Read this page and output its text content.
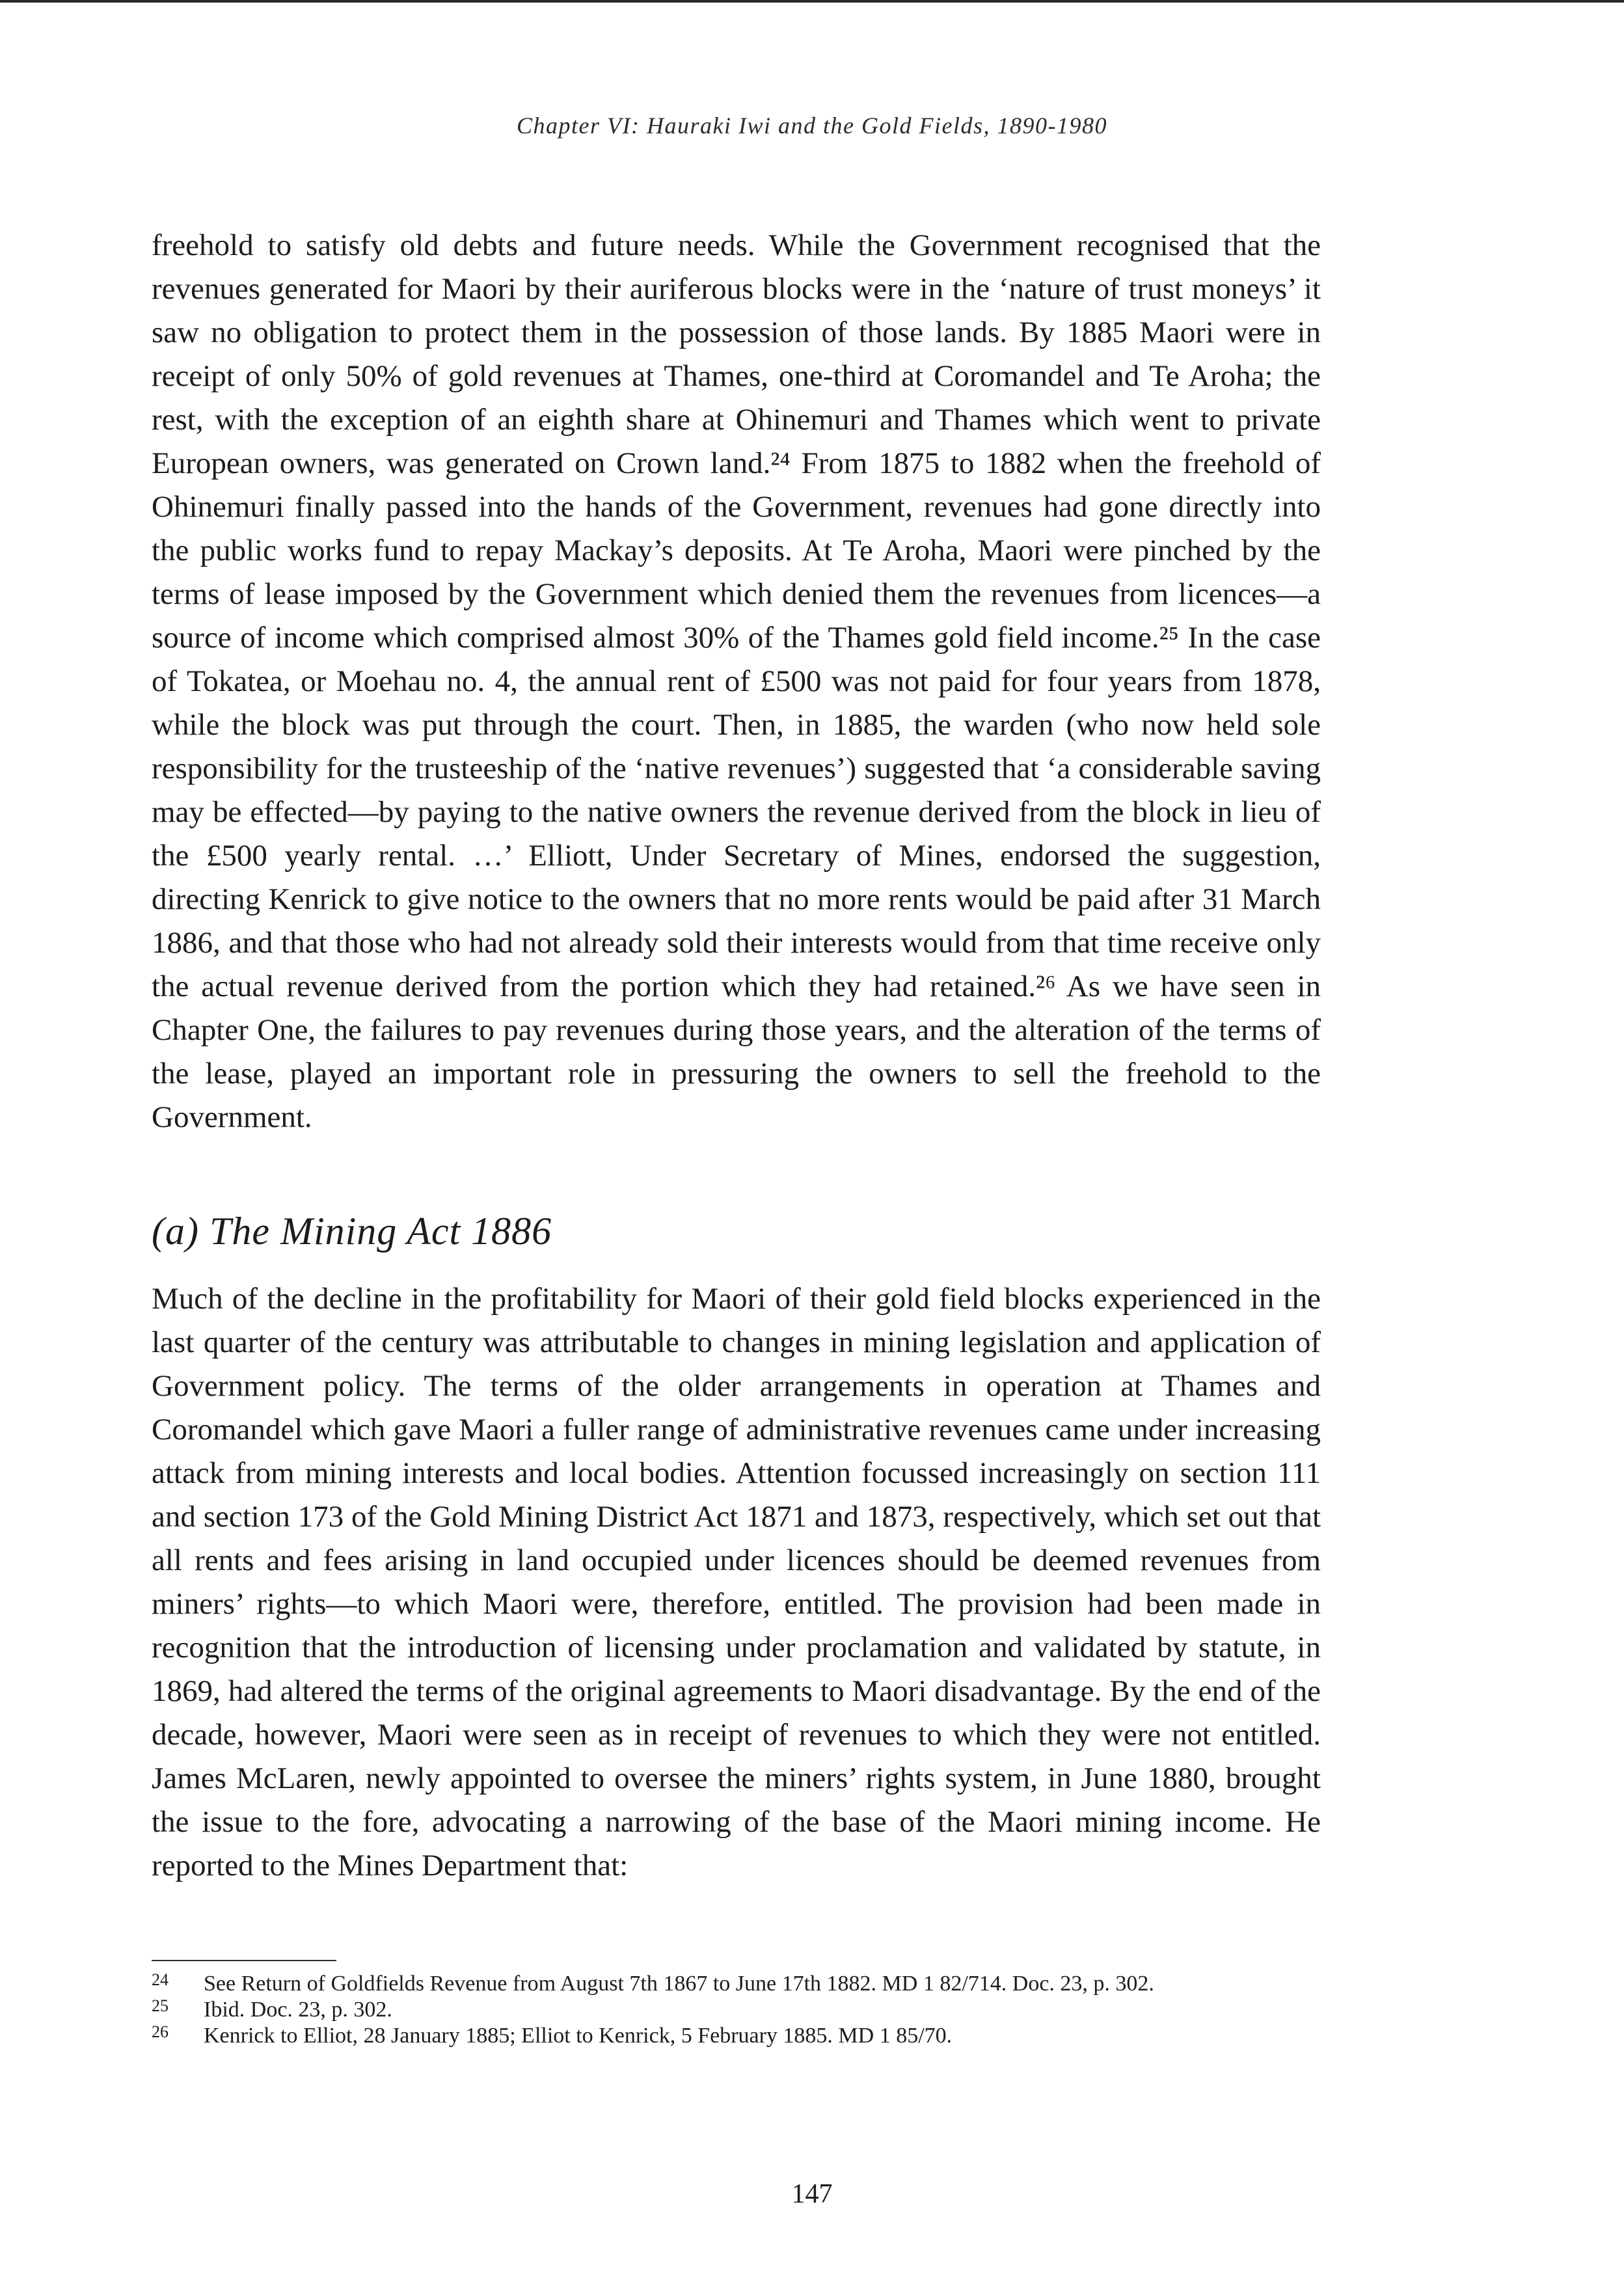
Chapter VI: Hauraki Iwi and the Gold Fields, 1890-1980

freehold to satisfy old debts and future needs. While the Government recognised that the revenues generated for Maori by their auriferous blocks were in the ‘nature of trust moneys’ it saw no obligation to protect them in the possession of those lands. By 1885 Maori were in receipt of only 50% of gold revenues at Thames, one-third at Coromandel and Te Aroha; the rest, with the exception of an eighth share at Ohinemuri and Thames which went to private European owners, was generated on Crown land.²⁴ From 1875 to 1882 when the freehold of Ohinemuri finally passed into the hands of the Government, revenues had gone directly into the public works fund to repay Mackay’s deposits. At Te Aroha, Maori were pinched by the terms of lease imposed by the Government which denied them the revenues from licences—a source of income which comprised almost 30% of the Thames gold field income.²⁵ In the case of Tokatea, or Moehau no. 4, the annual rent of £500 was not paid for four years from 1878, while the block was put through the court. Then, in 1885, the warden (who now held sole responsibility for the trusteeship of the ‘native revenues’) suggested that ‘a considerable saving may be effected—by paying to the native owners the revenue derived from the block in lieu of the £500 yearly rental. …’ Elliott, Under Secretary of Mines, endorsed the suggestion, directing Kenrick to give notice to the owners that no more rents would be paid after 31 March 1886, and that those who had not already sold their interests would from that time receive only the actual revenue derived from the portion which they had retained.²⁶ As we have seen in Chapter One, the failures to pay revenues during those years, and the alteration of the terms of the lease, played an important role in pressuring the owners to sell the freehold to the Government.

(a) The Mining Act 1886

Much of the decline in the profitability for Maori of their gold field blocks experienced in the last quarter of the century was attributable to changes in mining legislation and application of Government policy. The terms of the older arrangements in operation at Thames and Coromandel which gave Maori a fuller range of administrative revenues came under increasing attack from mining interests and local bodies. Attention focussed increasingly on section 111 and section 173 of the Gold Mining District Act 1871 and 1873, respectively, which set out that all rents and fees arising in land occupied under licences should be deemed revenues from miners’ rights—to which Maori were, therefore, entitled. The provision had been made in recognition that the introduction of licensing under proclamation and validated by statute, in 1869, had altered the terms of the original agreements to Maori disadvantage. By the end of the decade, however, Maori were seen as in receipt of revenues to which they were not entitled. James McLaren, newly appointed to oversee the miners’ rights system, in June 1880, brought the issue to the fore, advocating a narrowing of the base of the Maori mining income. He reported to the Mines Department that:

24	See Return of Goldfields Revenue from August 7th 1867 to June 17th 1882. MD 1 82/714. Doc. 23, p. 302.
25	Ibid. Doc. 23, p. 302.
26	Kenrick to Elliot, 28 January 1885; Elliot to Kenrick, 5 February 1885. MD 1 85/70.
147
